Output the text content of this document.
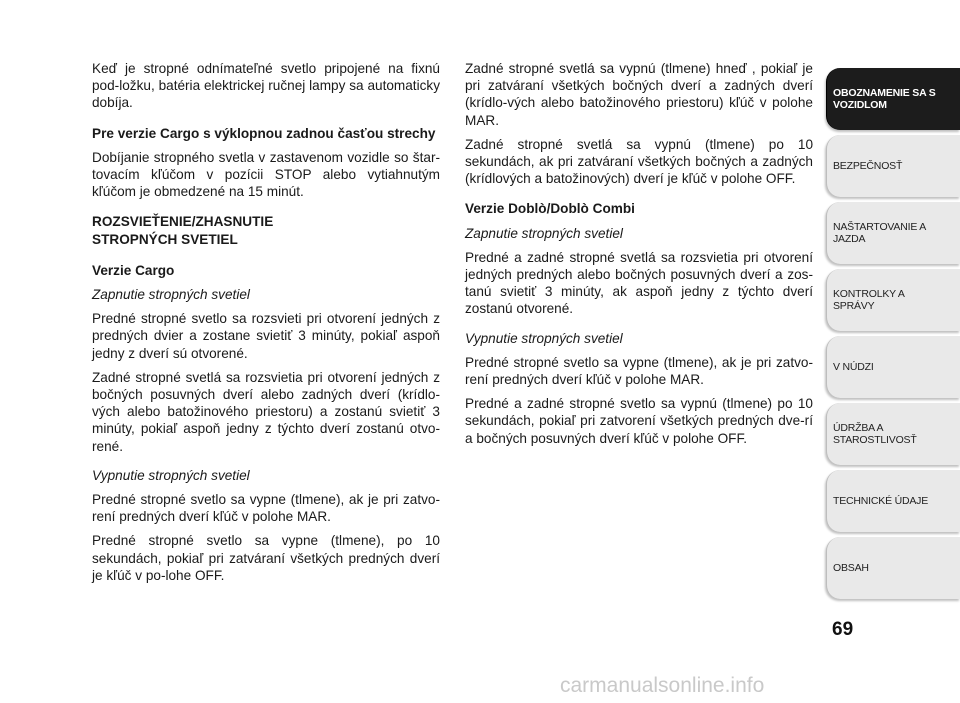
Keď je stropné odnímateľné svetlo pripojené na fixnú pod-ložku, batéria elektrickej ručnej lampy sa automaticky dobíja.

Pre verzie Cargo s výklopnou zadnou časťou strechy

Dobíjanie stropného svetla v zastavenom vozidle so štar-tovacím kľúčom v pozícii STOP alebo vytiahnutým kľúčom je obmedzené na 15 minút.

ROZSVIEŤENIE/ZHASNUTIE
STROPNÝCH SVETIEL

Verzie Cargo

Zapnutie stropných svetiel

Predné stropné svetlo sa rozsvieti pri otvorení jedných z predných dvier a zostane svietiť 3 minúty, pokiaľ aspoň jedny z dverí sú otvorené.

Zadné stropné svetlá sa rozsvietia pri otvorení jedných z bočných posuvných dverí alebo zadných dverí (krídlo-vých alebo batožinového priestoru) a zostanú svietiť 3 minúty, pokiaľ aspoň jedny z týchto dverí zostanú otvo-rené.

Vypnutie stropných svetiel

Predné stropné svetlo sa vypne (tlmene), ak je pri zatvo-rení predných dverí kľúč v polohe MAR.

Predné stropné svetlo sa vypne (tlmene), po 10 sekundách, pokiaľ pri zatváraní všetkých predných dverí je kľúč v po-lohe OFF.

Zadné stropné svetlá sa vypnú (tlmene) hneď , pokiaľ je pri zatváraní všetkých bočných dverí a zadných dverí (krídlo-vých alebo batožinového priestoru) kľúč v polohe MAR.

Zadné stropné svetlá sa vypnú (tlmene) po 10 sekundách, ak pri zatváraní všetkých bočných a zadných (krídlových a batožinových) dverí je kľúč v polohe OFF.

Verzie Doblò/Doblò Combi

Zapnutie stropných svetiel

Predné a zadné stropné svetlá sa rozsvietia pri otvorení jedných predných alebo bočných posuvných dverí a zos-tanú svietiť 3 minúty, ak aspoň jedny z týchto dverí zostanú otvorené.

Vypnutie stropných svetiel

Predné stropné svetlo sa vypne (tlmene), ak je pri zatvo-rení predných dverí kľúč v polohe MAR.

Predné a zadné stropné svetlo sa vypnú (tlmene) po 10 sekundách, pokiaľ pri zatvorení všetkých predných dve-rí a bočných posuvných dverí kľúč v polohe OFF.

OBOZNAMENIE SA S VOZIDLOM
BEZPEČNOSŤ
NAŠTARTOVANIE A JAZDA
KONTROLKY A SPRÁVY
V NÚDZI
ÚDRŽBA A STAROSTLIVOSŤ
TECHNICKÉ ÚDAJE
OBSAH
69
carmanualsonline.info
